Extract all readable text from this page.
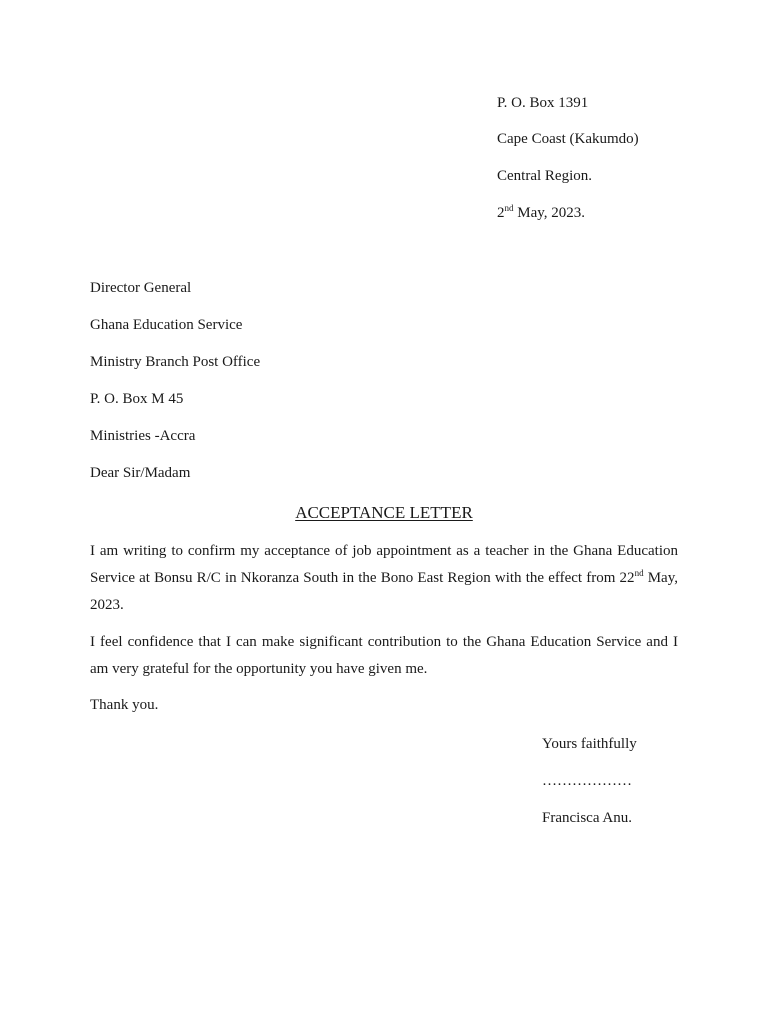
P. O. Box 1391
Cape Coast (Kakumdo)
Central Region.
2nd May, 2023.
Director General
Ghana Education Service
Ministry Branch Post Office
P. O. Box M 45
Ministries -Accra
Dear Sir/Madam
ACCEPTANCE LETTER

I am writing to confirm my acceptance of job appointment as a teacher in the Ghana Education Service at Bonsu R/C in Nkoranza South in the Bono East Region with the effect from 22nd May, 2023.

I feel confidence that I can make significant contribution to the Ghana Education Service and I am very grateful for the opportunity you have given me.

Thank you.

Yours faithfully
………………
Francisca Anu.
